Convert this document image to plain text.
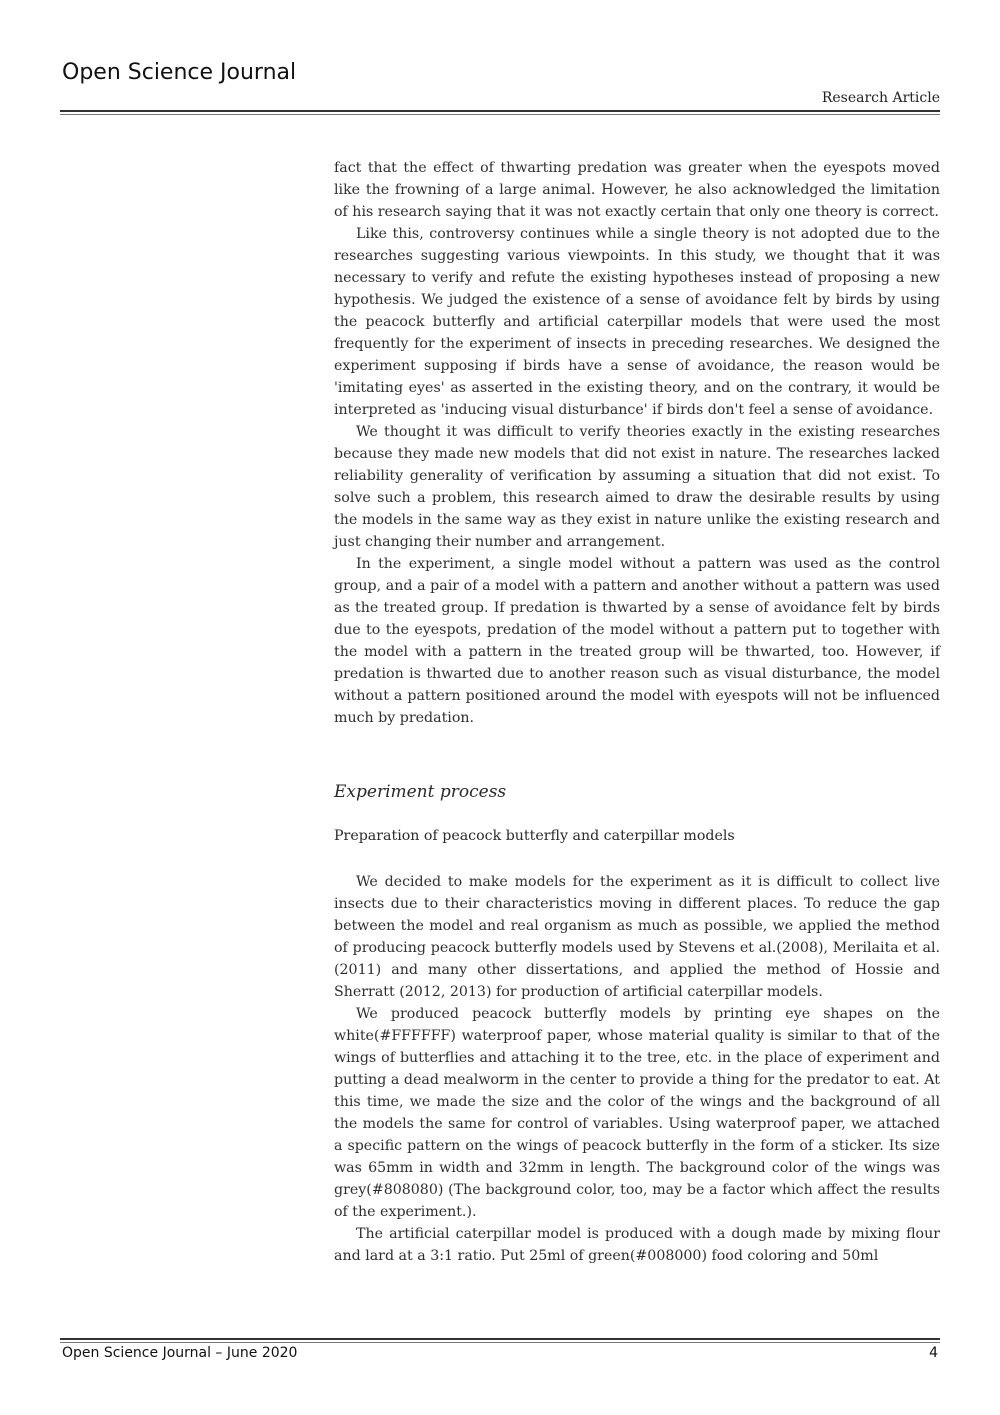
Open Science Journal
Research Article

fact that the effect of thwarting predation was greater when the eyespots moved like the frowning of a large animal. However, he also acknowledged the limitation of his research saying that it was not exactly certain that only one theory is correct.

Like this, controversy continues while a single theory is not adopted due to the researches suggesting various viewpoints. In this study, we thought that it was necessary to verify and refute the existing hypotheses instead of proposing a new hypothesis. We judged the existence of a sense of avoidance felt by birds by using the peacock butterfly and artificial caterpillar models that were used the most frequently for the experiment of insects in preceding researches. We designed the experiment supposing if birds have a sense of avoidance, the reason would be 'imitating eyes' as asserted in the existing theory, and on the contrary, it would be interpreted as 'inducing visual disturbance' if birds don't feel a sense of avoidance.

We thought it was difficult to verify theories exactly in the existing researches because they made new models that did not exist in nature. The researches lacked reliability generality of verification by assuming a situation that did not exist. To solve such a problem, this research aimed to draw the desirable results by using the models in the same way as they exist in nature unlike the existing research and just changing their number and arrangement.

In the experiment, a single model without a pattern was used as the control group, and a pair of a model with a pattern and another without a pattern was used as the treated group. If predation is thwarted by a sense of avoidance felt by birds due to the eyespots, predation of the model without a pattern put to together with the model with a pattern in the treated group will be thwarted, too. However, if predation is thwarted due to another reason such as visual disturbance, the model without a pattern positioned around the model with eyespots will not be influenced much by predation.

Experiment process
Preparation of peacock butterfly and caterpillar models

We decided to make models for the experiment as it is difficult to collect live insects due to their characteristics moving in different places. To reduce the gap between the model and real organism as much as possible, we applied the method of producing peacock butterfly models used by Stevens et al.(2008), Merilaita et al. (2011) and many other dissertations, and applied the method of Hossie and Sherratt (2012, 2013) for production of artificial caterpillar models.

We produced peacock butterfly models by printing eye shapes on the white(#FFFFFF) waterproof paper, whose material quality is similar to that of the wings of butterflies and attaching it to the tree, etc. in the place of experiment and putting a dead mealworm in the center to provide a thing for the predator to eat. At this time, we made the size and the color of the wings and the background of all the models the same for control of variables. Using waterproof paper, we attached a specific pattern on the wings of peacock butterfly in the form of a sticker. Its size was 65mm in width and 32mm in length. The background color of the wings was grey(#808080) (The background color, too, may be a factor which affect the results of the experiment.).

The artificial caterpillar model is produced with a dough made by mixing flour and lard at a 3:1 ratio. Put 25ml of green(#008000) food coloring and 50ml

Open Science Journal – June 2020	4
